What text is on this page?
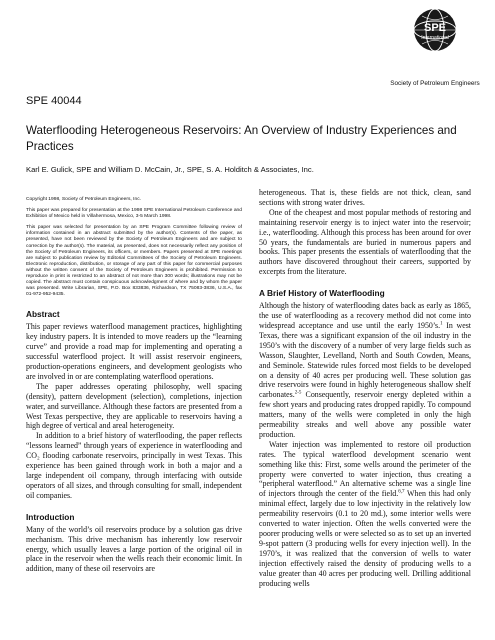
SPE
International
Society of Petroleum Engineers
SPE 40044
Waterflooding Heterogeneous Reservoirs: An Overview of Industry Experiences and Practices
Karl E. Gulick, SPE and William D. McCain, Jr., SPE, S. A. Holditch & Associates, Inc.

Copyright 1998, Society of Petroleum Engineers, Inc.

This paper was prepared for presentation at the 1998 SPE International Petroleum Conference and Exhibition of Mexico held in Villahermosa, Mexico, 3-5 March 1998.

This paper was selected for presentation by an SPE Program Committee following review of information contained in an abstract submitted by the author(s). Contents of the paper, as presented, have not been reviewed by the Society of Petroleum Engineers and are subject to correction by the author(s). The material, as presented, does not necessarily reflect any position of the Society of Petroleum Engineers, its officers, or members. Papers presented at SPE meetings are subject to publication review by Editorial Committees of the Society of Petroleum Engineers. Electronic reproduction, distribution, or storage of any part of this paper for commercial purposes without the written consent of the Society of Petroleum Engineers is prohibited. Permission to reproduce in print is restricted to an abstract of not more than 300 words; illustrations may not be copied. The abstract must contain conspicuous acknowledgment of where and by whom the paper was presented. Write Librarian, SPE, P.O. Box 833836, Richardson, TX 75083-3836, U.S.A., fax 01-972-952-9435.

Abstract

This paper reviews waterflood management practices, highlighting key industry papers. It is intended to move readers up the “learning curve” and provide a road map for implementing and operating a successful waterflood project. It will assist reservoir engineers, production-operations engineers, and development geologists who are involved in or are contemplating waterflood operations.

The paper addresses operating philosophy, well spacing (density), pattern development (selection), completions, injection water, and surveillance. Although these factors are presented from a West Texas perspective, they are applicable to reservoirs having a high degree of vertical and areal heterogeneity.

In addition to a brief history of waterflooding, the paper reflects “lessons learned” through years of experience in waterflooding and CO₂ flooding carbonate reservoirs, principally in west Texas. This experience has been gained through work in both a major and a large independent oil company, through interfacing with outside operators of all sizes, and through consulting for small, independent oil companies.

Introduction

Many of the world’s oil reservoirs produce by a solution gas drive mechanism. This drive mechanism has inherently low reservoir energy, which usually leaves a large portion of the original oil in place in the reservoir when the wells reach their economic limit. In addition, many of these oil reservoirs are

heterogeneous. That is, these fields are not thick, clean, sand sections with strong water drives.

One of the cheapest and most popular methods of restoring and maintaining reservoir energy is to inject water into the reservoir; i.e., waterflooding. Although this process has been around for over 50 years, the fundamentals are buried in numerous papers and books. This paper presents the essentials of waterflooding that the authors have discovered throughout their careers, supported by excerpts from the literature.

A Brief History of Waterflooding

Although the history of waterflooding dates back as early as 1865, the use of waterflooding as a recovery method did not come into widespread acceptance and use until the early 1950’s.$^1$ In west Texas, there was a significant expansion of the oil industry in the 1950’s with the discovery of a number of very large fields such as Wasson, Slaughter, Levelland, North and South Cowden, Means, and Seminole. Statewide rules forced most fields to be developed on a density of 40 acres per producing well. These solution gas drive reservoirs were found in highly heterogeneous shallow shelf carbonates.$^{2-5}$ Consequently, reservoir energy depleted within a few short years and producing rates dropped rapidly. To compound matters, many of the wells were completed in only the high permeability streaks and well above any possible water production.

Water injection was implemented to restore oil production rates. The typical waterflood development scenario went something like this: First, some wells around the perimeter of the property were converted to water injection, thus creating a “peripheral waterflood.” An alternative scheme was a single line of injectors through the center of the field.$^{6,7}$ When this had only minimal effect, largely due to low injectivity in the relatively low permeability reservoirs (0.1 to 20 md.), some interior wells were converted to water injection. Often the wells converted were the poorer producing wells or were selected so as to set up an inverted 9-spot pattern (3 producing wells for every injection well). In the 1970’s, it was realized that the conversion of wells to water injection effectively raised the density of producing wells to a value greater than 40 acres per producing well. Drilling additional producing wells
